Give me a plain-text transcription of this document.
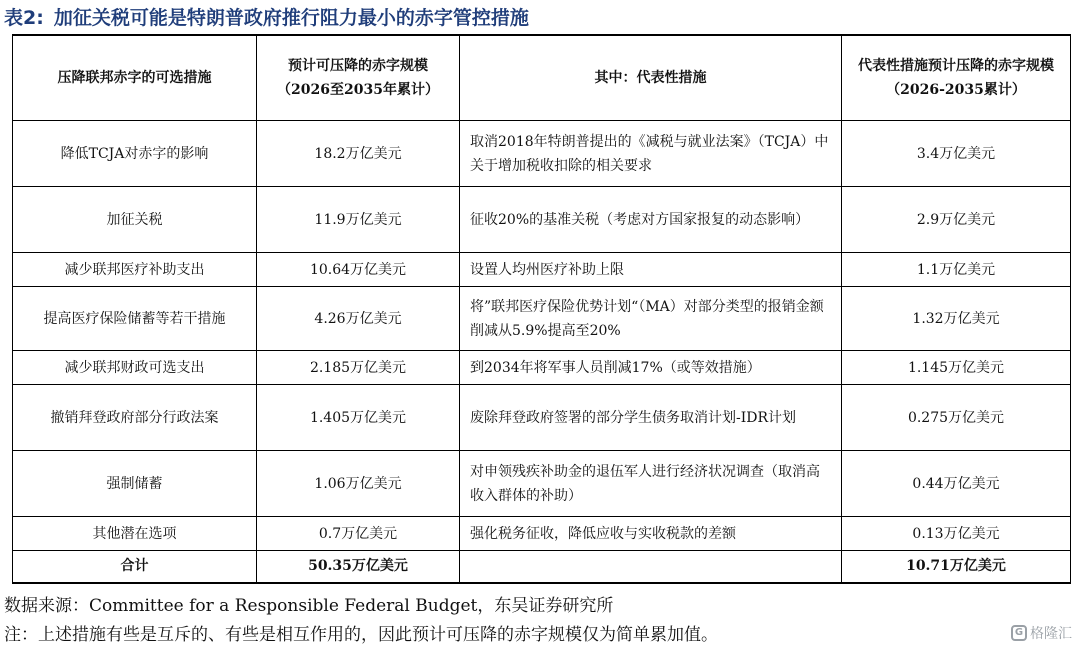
表2: 加征关税可能是特朗普政府推行阻力最小的赤字管控措施
压降联邦赤字的可选措施	预计可压降的赤字规模（2026至2035年累计）	其中：代表性措施	代表性措施预计压降的赤字规模（2026-2035累计）
降低TCJA对赤字的影响	18.2万亿美元	取消2018年特朗普提出的《减税与就业法案》（TCJA）中关于增加税收扣除的相关要求	3.4万亿美元
加征关税	11.9万亿美元	征收20%的基准关税（考虑对方国家报复的动态影响）	2.9万亿美元
减少联邦医疗补助支出	10.64万亿美元	设置人均州医疗补助上限	1.1万亿美元
提高医疗保险储蓄等若干措施	4.26万亿美元	将”联邦医疗保险优势计划“（MA）对部分类型的报销金额削减从5.9%提高至20%	1.32万亿美元
减少联邦财政可选支出	2.185万亿美元	到2034年将军事人员削减17%（或等效措施）	1.145万亿美元
撤销拜登政府部分行政法案	1.405万亿美元	废除拜登政府签署的部分学生债务取消计划-IDR计划	0.275万亿美元
强制储蓄	1.06万亿美元	对申领残疾补助金的退伍军人进行经济状况调查（取消高收入群体的补助）	0.44万亿美元
其他潜在选项	0.7万亿美元	强化税务征收，降低应收与实收税款的差额	0.13万亿美元
合计	50.35万亿美元		10.71万亿美元
数据来源：Committee for a Responsible Federal Budget，东吴证券研究所
注：上述措施有些是互斥的、有些是相互作用的，因此预计可压降的赤字规模仅为简单累加值。	G 格隆汇
